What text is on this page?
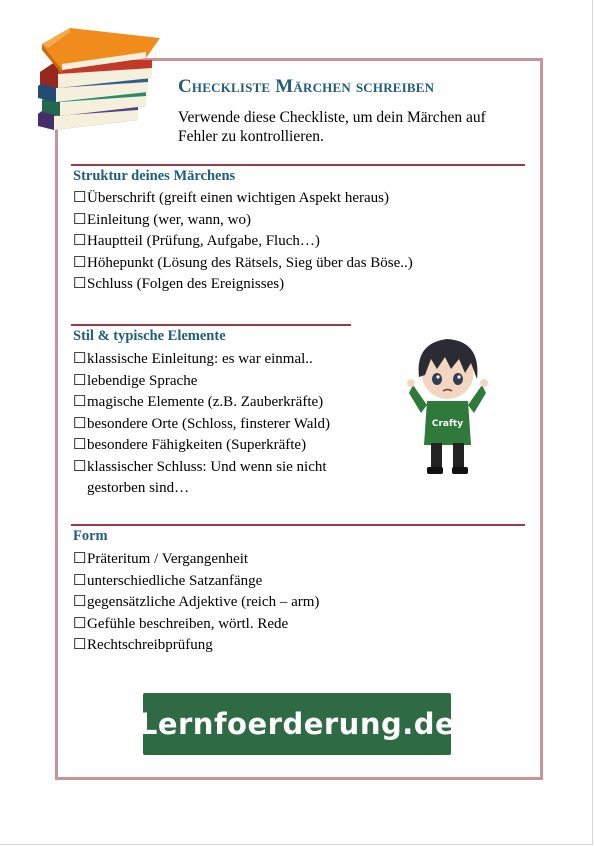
Checkliste Märchen schreiben
Verwende diese Checkliste, um dein Märchen auf Fehler zu kontrollieren.
Struktur deines Märchens
☐ Überschrift (greift einen wichtigen Aspekt heraus)
☐ Einleitung (wer, wann, wo)
☐ Hauptteil (Prüfung, Aufgabe, Fluch…)
☐ Höhepunkt (Lösung des Rätsels, Sieg über das Böse..)
☐ Schluss (Folgen des Ereignisses)
Stil & typische Elemente
☐ klassische Einleitung: es war einmal..
☐ lebendige Sprache
☐ magische Elemente (z.B. Zauberkräfte)
☐ besondere Orte (Schloss, finsterer Wald)
☐ besondere Fähigkeiten (Superkräfte)
☐ klassischer Schluss: Und wenn sie nicht gestorben sind…
Crafty
Form
☐ Präteritum / Vergangenheit
☐ unterschiedliche Satzanfänge
☐ gegensätzliche Adjektive (reich – arm)
☐ Gefühle beschreiben, wörtl. Rede
☐ Rechtschreibprüfung
Lernfoerderung.de
